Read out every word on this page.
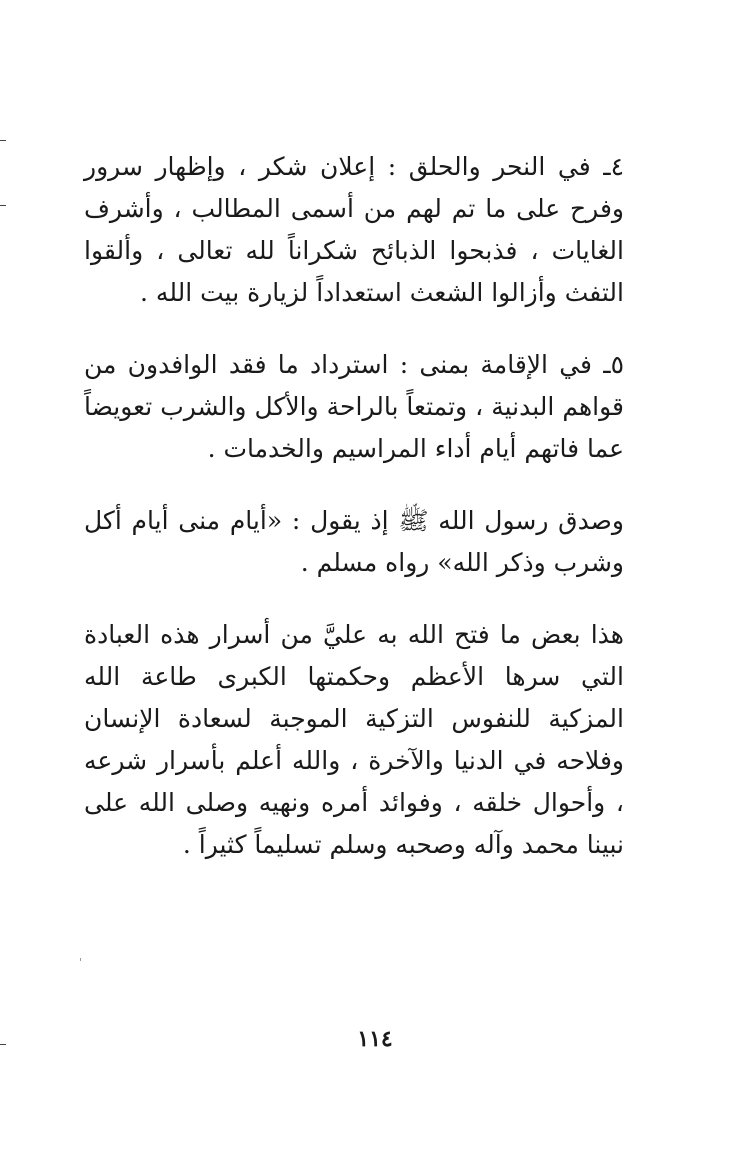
٤ـ في النحر والحلق : إعلان شكر ، وإظهار سرور وفرح على ما تم لهم من أسمى المطالب ، وأشرف الغايات ، فذبحوا الذبائح شكراناً لله تعالى ، وألقوا التفث وأزالوا الشعث استعداداً لزيارة بيت الله .

٥ـ في الإقامة بمنى : استرداد ما فقد الوافدون من قواهم البدنية ، وتمتعاً بالراحة والأكل والشرب تعويضاً عما فاتهم أيام أداء المراسيم والخدمات .

وصدق رسول الله ﷺ إذ يقول : «أيام منى أيام أكل وشرب وذكر الله» رواه مسلم .

هذا بعض ما فتح الله به عليَّ من أسرار هذه العبادة التي سرها الأعظم وحكمتها الكبرى طاعة الله المزكية للنفوس التزكية الموجبة لسعادة الإنسان وفلاحه في الدنيا والآخرة ، والله أعلم بأسرار شرعه ، وأحوال خلقه ، وفوائد أمره ونهيه وصلى الله على نبينا محمد وآله وصحبه وسلم تسليماً كثيراً .

١١٤
